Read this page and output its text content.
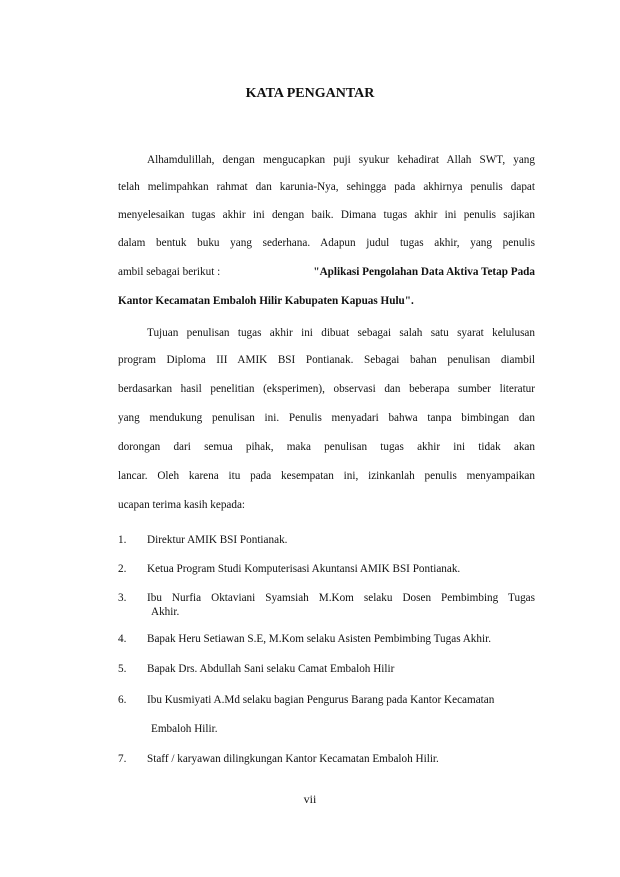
KATA PENGANTAR
Alhamdulillah, dengan mengucapkan puji syukur kehadirat Allah SWT, yang
telah melimpahkan rahmat dan karunia-Nya, sehingga pada akhirnya penulis dapat
menyelesaikan tugas akhir ini dengan baik. Dimana tugas akhir ini penulis sajikan
dalam bentuk buku yang sederhana. Adapun judul tugas akhir, yang penulis
ambil sebagai berikut :	"Aplikasi Pengolahan Data Aktiva Tetap Pada
Kantor Kecamatan Embaloh Hilir Kabupaten Kapuas Hulu".
Tujuan penulisan tugas akhir ini dibuat sebagai salah satu syarat kelulusan
program Diploma III AMIK BSI Pontianak. Sebagai bahan penulisan diambil
berdasarkan hasil penelitian (eksperimen), observasi dan beberapa sumber literatur
yang mendukung penulisan ini. Penulis menyadari bahwa tanpa bimbingan dan
dorongan dari semua pihak, maka penulisan tugas akhir ini tidak akan
lancar. Oleh karena itu pada kesempatan ini, izinkanlah penulis menyampaikan
ucapan terima kasih kepada:
1. Direktur AMIK BSI Pontianak.
2. Ketua Program Studi Komputerisasi Akuntansi AMIK BSI Pontianak.
3. Ibu Nurfia Oktaviani Syamsiah M.Kom selaku Dosen Pembimbing Tugas
Akhir.
4. Bapak Heru Setiawan S.E, M.Kom selaku Asisten Pembimbing Tugas Akhir.
5. Bapak Drs. Abdullah Sani selaku Camat Embaloh Hilir
6. Ibu Kusmiyati A.Md selaku bagian Pengurus Barang pada Kantor Kecamatan
Embaloh Hilir.
7. Staff / karyawan dilingkungan Kantor Kecamatan Embaloh Hilir.
vii
